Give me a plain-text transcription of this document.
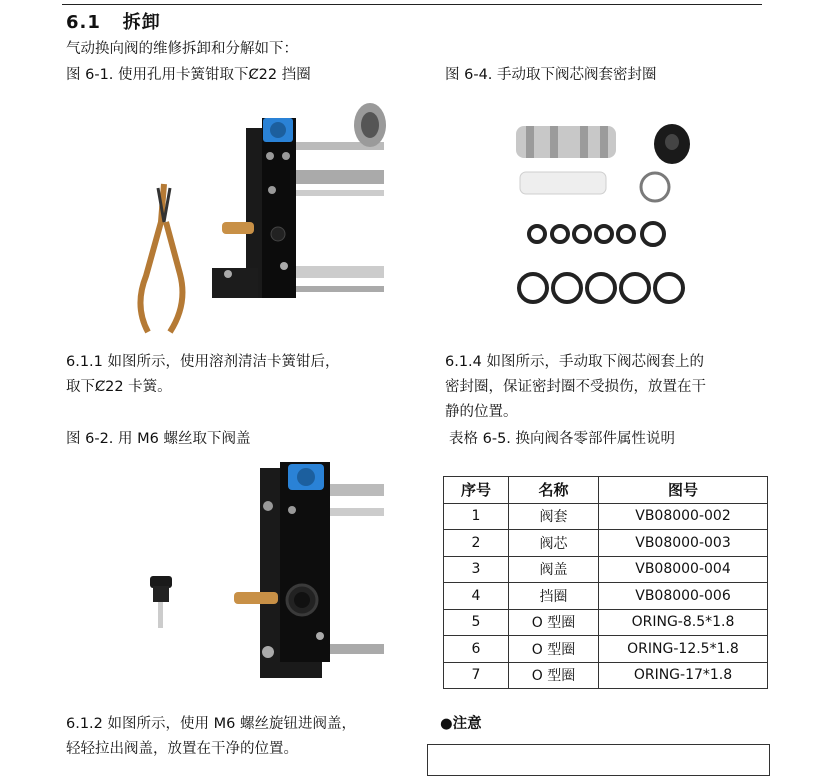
6.1 拆卸
气动换向阀的维修拆卸和分解如下：
图 6-1. 使用孔用卡簧钳取下Ȼ22 挡圈	图 6-4. 手动取下阀芯阀套密封圈
6.1.1 如图所示，使用溶剂清洁卡簧钳后，
取下Ȼ22 卡簧。
6.1.4 如图所示，手动取下阀芯阀套上的
密封圈，保证密封圈不受损伤，放置在干
静的位置。
图 6-2. 用 M6 螺丝取下阀盖	表格 6-5. 换向阀各零部件属性说明
序号	名称	图号
1	阀套	VB08000-002
2	阀芯	VB08000-003
3	阀盖	VB08000-004
4	挡圈	VB08000-006
5	O 型圈	ORING-8.5*1.8
6	O 型圈	ORING-12.5*1.8
7	O 型圈	ORING-17*1.8
6.1.2 如图所示，使用 M6 螺丝旋钮进阀盖，
轻轻拉出阀盖，放置在干净的位置。
●注意
